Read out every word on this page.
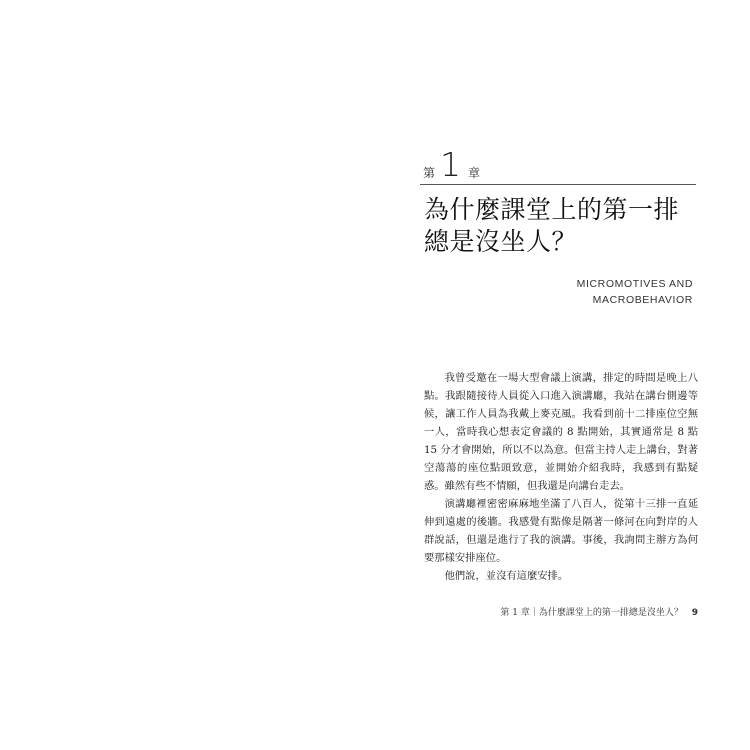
第 1 章
為什麼課堂上的第一排
總是沒坐人？
MICROMOTIVES AND
MACROBEHAVIOR

我曾受邀在一場大型會議上演講，排定的時間是晚上八點。我跟隨接待人員從入口進入演講廳，我站在講台側邊等候，讓工作人員為我戴上麥克風。我看到前十二排座位空無一人，當時我心想表定會議的 8 點開始，其實通常是 8 點 15 分才會開始，所以不以為意。但當主持人走上講台，對著空蕩蕩的座位點頭致意，並開始介紹我時，我感到有點疑惑。雖然有些不情願，但我還是向講台走去。

演講廳裡密密麻麻地坐滿了八百人，從第十三排一直延伸到遠處的後牆。我感覺有點像是隔著一條河在向對岸的人群說話，但還是進行了我的演講。事後，我詢問主辦方為何要那樣安排座位。

他們說，並沒有這麼安排。

第 1 章｜為什麼課堂上的第一排總是沒坐人？ 9
